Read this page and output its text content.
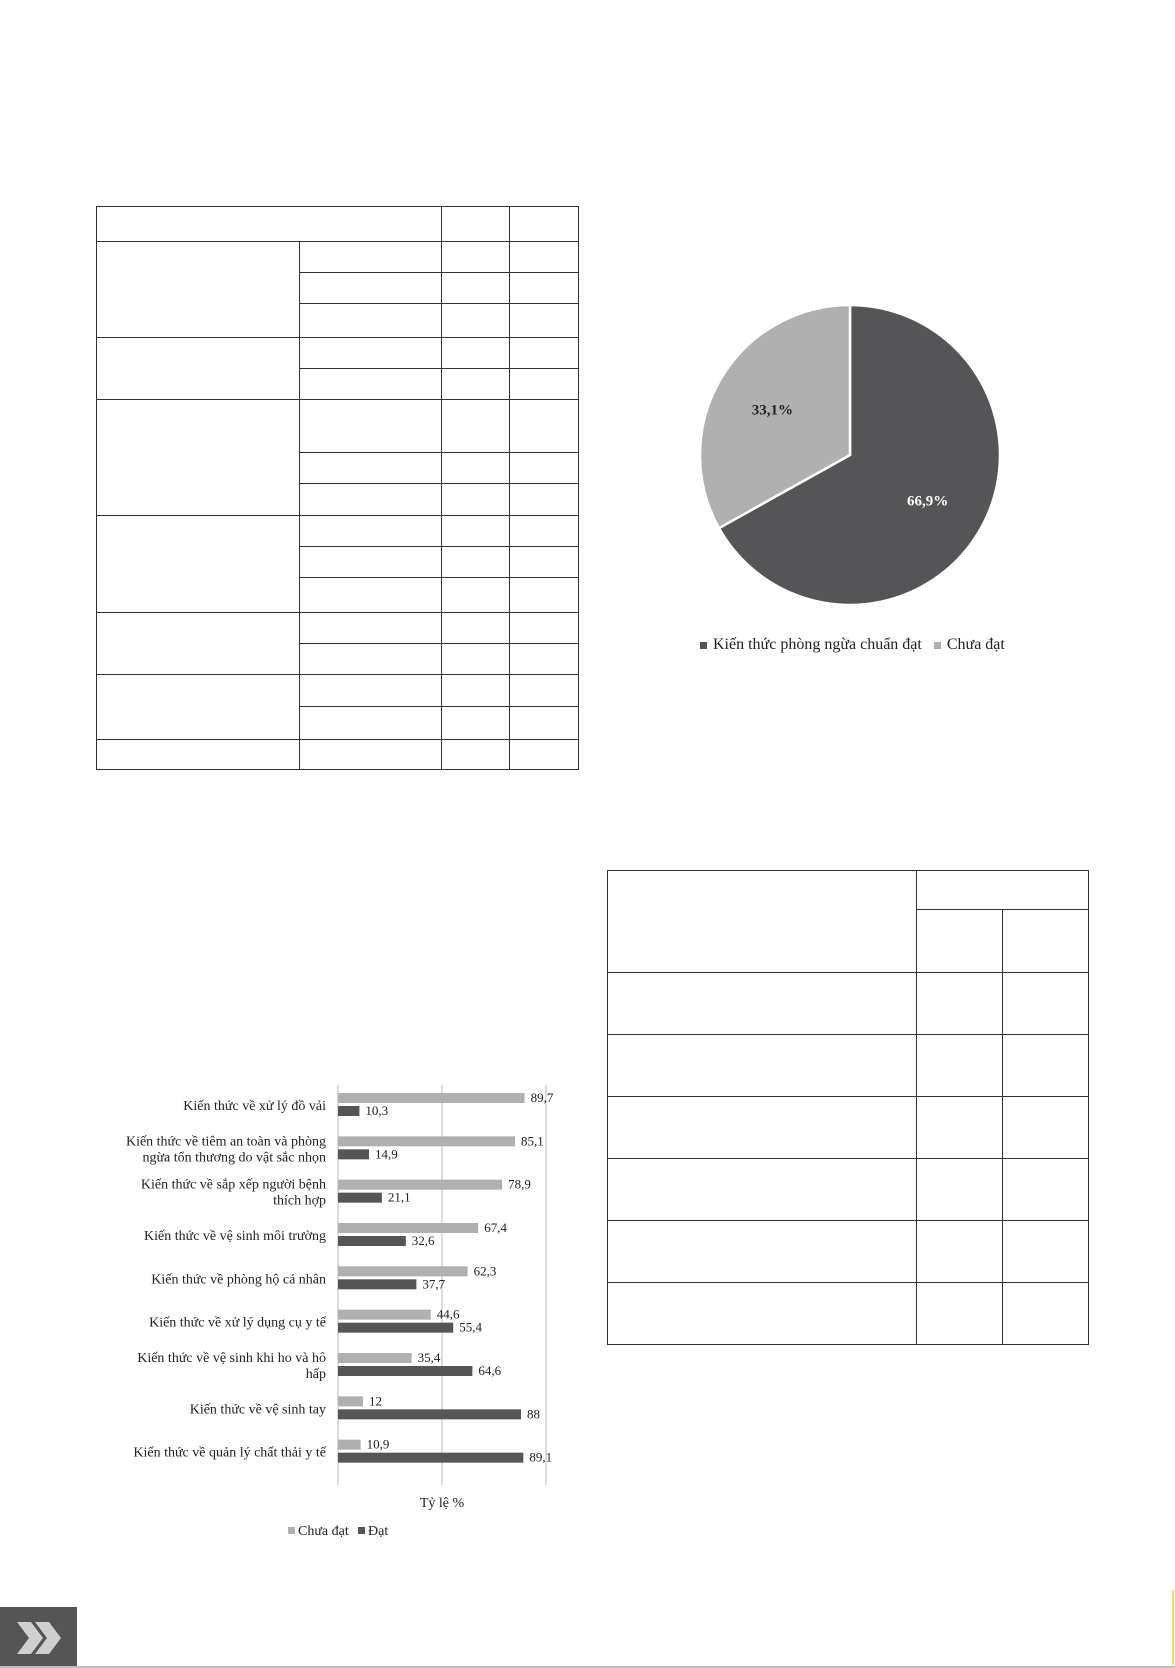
66,9%
33,1%
Kiến thức phòng ngừa chuẩn đạt Chưa đạt

Kiến thức về xử lý đồ vải
89,7
10,3
Kiến thức về tiêm an toàn và phòng
ngừa tổn thương do vật sắc nhọn
85,1
14,9
Kiến thức về sắp xếp người bệnh
thích hợp
78,9
21,1
Kiến thức về vệ sinh môi trường
67,4
32,6
Kiến thức về phòng hộ cá nhân
62,3
37,7
Kiến thức về xử lý dụng cụ y tế
44,6
55,4
Kiến thức về vệ sinh khi ho và hô
hấp
35,4
64,6
Kiến thức về vệ sinh tay
12
88
Kiến thức về quản lý chất thải y tế
10,9
89,1
Tỷ lệ %
Chưa đạt Đạt
